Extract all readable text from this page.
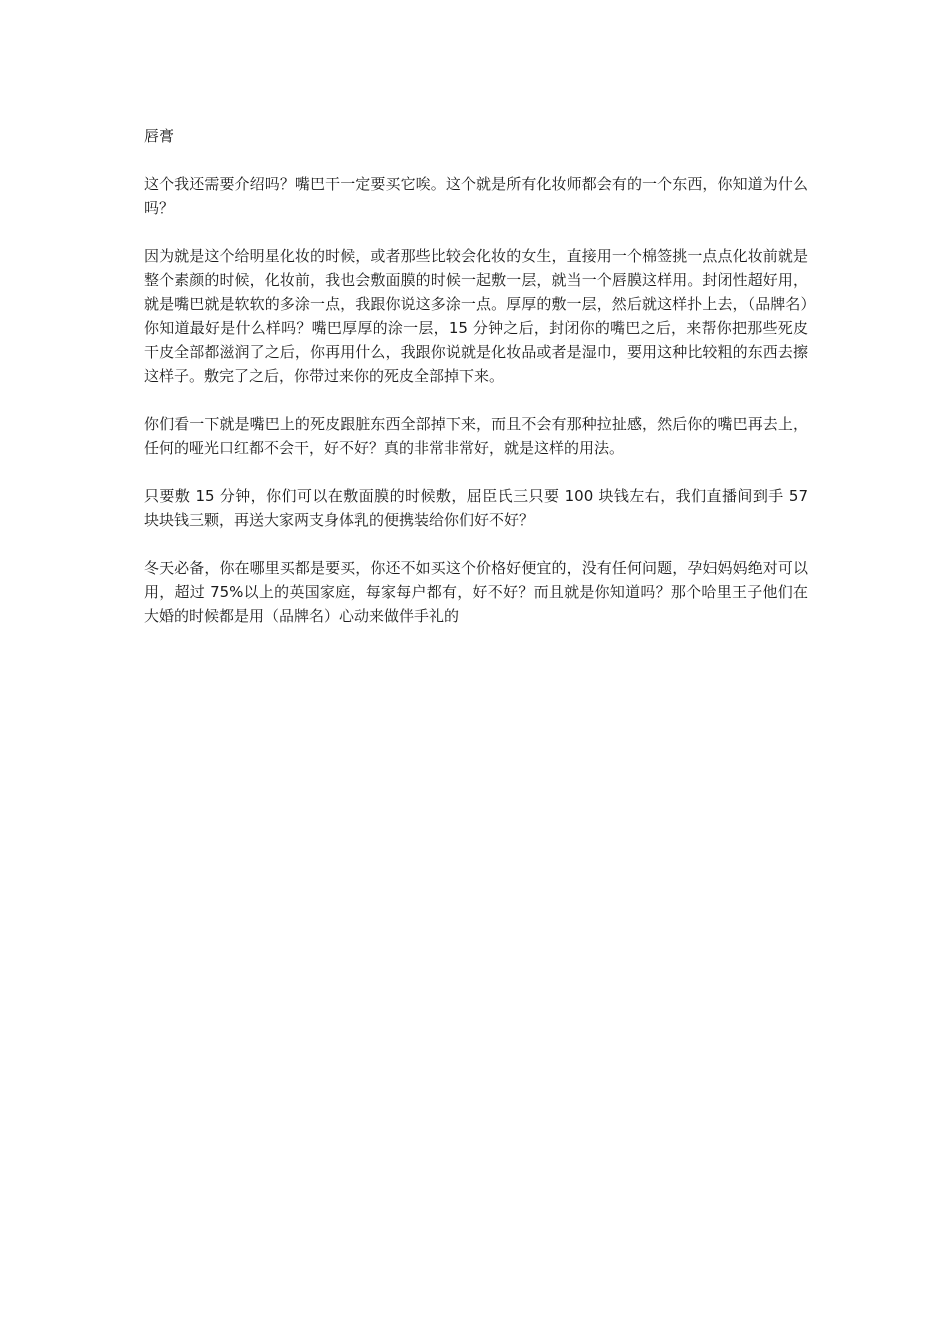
唇膏

这个我还需要介绍吗？嘴巴干一定要买它唉。这个就是所有化妆师都会有的一个东西，你知道为什么吗？

因为就是这个给明星化妆的时候，或者那些比较会化妆的女生，直接用一个棉签挑一点点化妆前就是整个素颜的时候，化妆前，我也会敷面膜的时候一起敷一层，就当一个唇膜这样用。封闭性超好用，就是嘴巴就是软软的多涂一点，我跟你说这多涂一点。厚厚的敷一层，然后就这样扑上去，（品牌名）你知道最好是什么样吗？嘴巴厚厚的涂一层，15 分钟之后，封闭你的嘴巴之后，来帮你把那些死皮干皮全部都滋润了之后，你再用什么，我跟你说就是化妆品或者是湿巾，要用这种比较粗的东西去擦这样子。敷完了之后，你带过来你的死皮全部掉下来。

你们看一下就是嘴巴上的死皮跟脏东西全部掉下来，而且不会有那种拉扯感，然后你的嘴巴再去上，任何的哑光口红都不会干，好不好？真的非常非常好，就是这样的用法。

只要敷 15 分钟，你们可以在敷面膜的时候敷，屈臣氏三只要 100 块钱左右，我们直播间到手 57 块块钱三颗，再送大家两支身体乳的便携装给你们好不好？

冬天必备，你在哪里买都是要买，你还不如买这个价格好便宜的，没有任何问题，孕妇妈妈绝对可以用，超过 75%以上的英国家庭，每家每户都有，好不好？而且就是你知道吗？那个哈里王子他们在大婚的时候都是用（品牌名）心动来做伴手礼的
